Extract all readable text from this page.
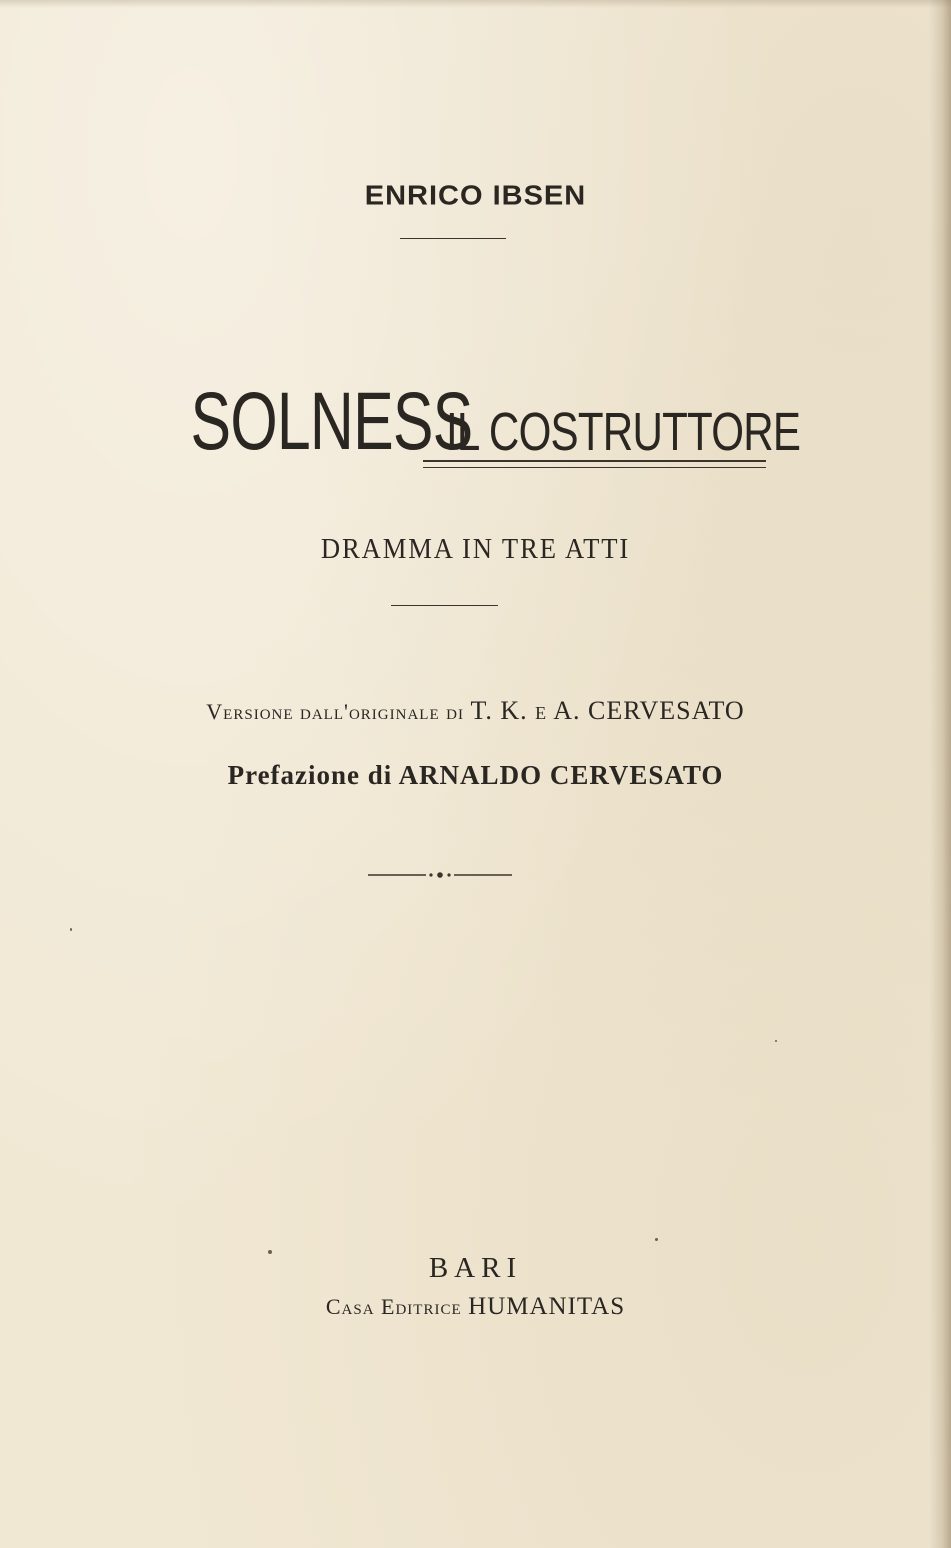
ENRICO IBSEN
SOLNESS IL COSTRUTTORE
DRAMMA IN TRE ATTI
Versione dall'originale di T. K. e A. CERVESATO
Prefazione di ARNALDO CERVESATO
BARI
Casa Editrice HUMANITAS
